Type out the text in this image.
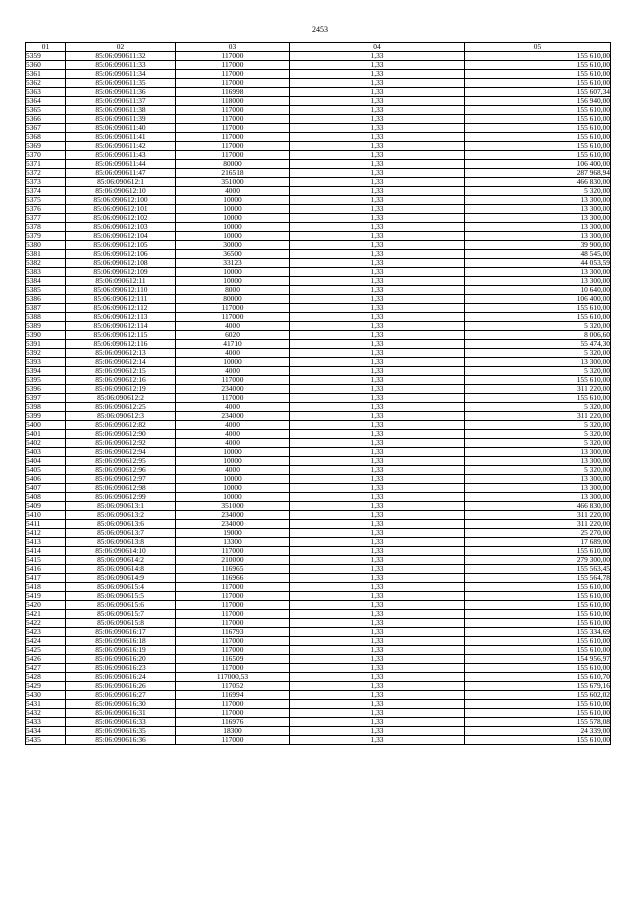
2453
01	02	03	04	05
5359	85:06:090611:32	117000	1,33	155 610,00
5360	85:06:090611:33	117000	1,33	155 610,00
5361	85:06:090611:34	117000	1,33	155 610,00
5362	85:06:090611:35	117000	1,33	155 610,00
5363	85:06:090611:36	116998	1,33	155 607,34
5364	85:06:090611:37	118000	1,33	156 940,00
5365	85:06:090611:38	117000	1,33	155 610,00
5366	85:06:090611:39	117000	1,33	155 610,00
5367	85:06:090611:40	117000	1,33	155 610,00
5368	85:06:090611:41	117000	1,33	155 610,00
5369	85:06:090611:42	117000	1,33	155 610,00
5370	85:06:090611:43	117000	1,33	155 610,00
5371	85:06:090611:44	80000	1,33	106 400,00
5372	85:06:090611:47	216518	1,33	287 968,94
5373	85:06:090612:1	351000	1,33	466 830,00
5374	85:06:090612:10	4000	1,33	5 320,00
5375	85:06:090612:100	10000	1,33	13 300,00
5376	85:06:090612:101	10000	1,33	13 300,00
5377	85:06:090612:102	10000	1,33	13 300,00
5378	85:06:090612:103	10000	1,33	13 300,00
5379	85:06:090612:104	10000	1,33	13 300,00
5380	85:06:090612:105	30000	1,33	39 900,00
5381	85:06:090612:106	36500	1,33	48 545,00
5382	85:06:090612:108	33123	1,33	44 053,59
5383	85:06:090612:109	10000	1,33	13 300,00
5384	85:06:090612:11	10000	1,33	13 300,00
5385	85:06:090612:110	8000	1,33	10 640,00
5386	85:06:090612:111	80000	1,33	106 400,00
5387	85:06:090612:112	117000	1,33	155 610,00
5388	85:06:090612:113	117000	1,33	155 610,00
5389	85:06:090612:114	4000	1,33	5 320,00
5390	85:06:090612:115	6020	1,33	8 006,60
5391	85:06:090612:116	41710	1,33	55 474,30
5392	85:06:090612:13	4000	1,33	5 320,00
5393	85:06:090612:14	10000	1,33	13 300,00
5394	85:06:090612:15	4000	1,33	5 320,00
5395	85:06:090612:16	117000	1,33	155 610,00
5396	85:06:090612:19	234000	1,33	311 220,00
5397	85:06:090612:2	117000	1,33	155 610,00
5398	85:06:090612:25	4000	1,33	5 320,00
5399	85:06:090612:3	234000	1,33	311 220,00
5400	85:06:090612:82	4000	1,33	5 320,00
5401	85:06:090612:90	4000	1,33	5 320,00
5402	85:06:090612:92	4000	1,33	5 320,00
5403	85:06:090612:94	10000	1,33	13 300,00
5404	85:06:090612:95	10000	1,33	13 300,00
5405	85:06:090612:96	4000	1,33	5 320,00
5406	85:06:090612:97	10000	1,33	13 300,00
5407	85:06:090612:98	10000	1,33	13 300,00
5408	85:06:090612:99	10000	1,33	13 300,00
5409	85:06:090613:1	351000	1,33	466 830,00
5410	85:06:090613:2	234000	1,33	311 220,00
5411	85:06:090613:6	234000	1,33	311 220,00
5412	85:06:090613:7	19000	1,33	25 270,00
5413	85:06:090613:8	13300	1,33	17 689,00
5414	85:06:090614:10	117000	1,33	155 610,00
5415	85:06:090614:2	210000	1,33	279 300,00
5416	85:06:090614:8	116965	1,33	155 563,45
5417	85:06:090614:9	116966	1,33	155 564,78
5418	85:06:090615:4	117000	1,33	155 610,00
5419	85:06:090615:5	117000	1,33	155 610,00
5420	85:06:090615:6	117000	1,33	155 610,00
5421	85:06:090615:7	117000	1,33	155 610,00
5422	85:06:090615:8	117000	1,33	155 610,00
5423	85:06:090616:17	116793	1,33	155 334,69
5424	85:06:090616:18	117000	1,33	155 610,00
5425	85:06:090616:19	117000	1,33	155 610,00
5426	85:06:090616:20	116509	1,33	154 956,97
5427	85:06:090616:23	117000	1,33	155 610,00
5428	85:06:090616:24	117000,53	1,33	155 610,70
5429	85:06:090616:26	117052	1,33	155 679,16
5430	85:06:090616:27	116994	1,33	155 602,02
5431	85:06:090616:30	117000	1,33	155 610,00
5432	85:06:090616:31	117000	1,33	155 610,00
5433	85:06:090616:33	116976	1,33	155 578,08
5434	85:06:090616:35	18300	1,33	24 339,00
5435	85:06:090616:36	117000	1,33	155 610,00
